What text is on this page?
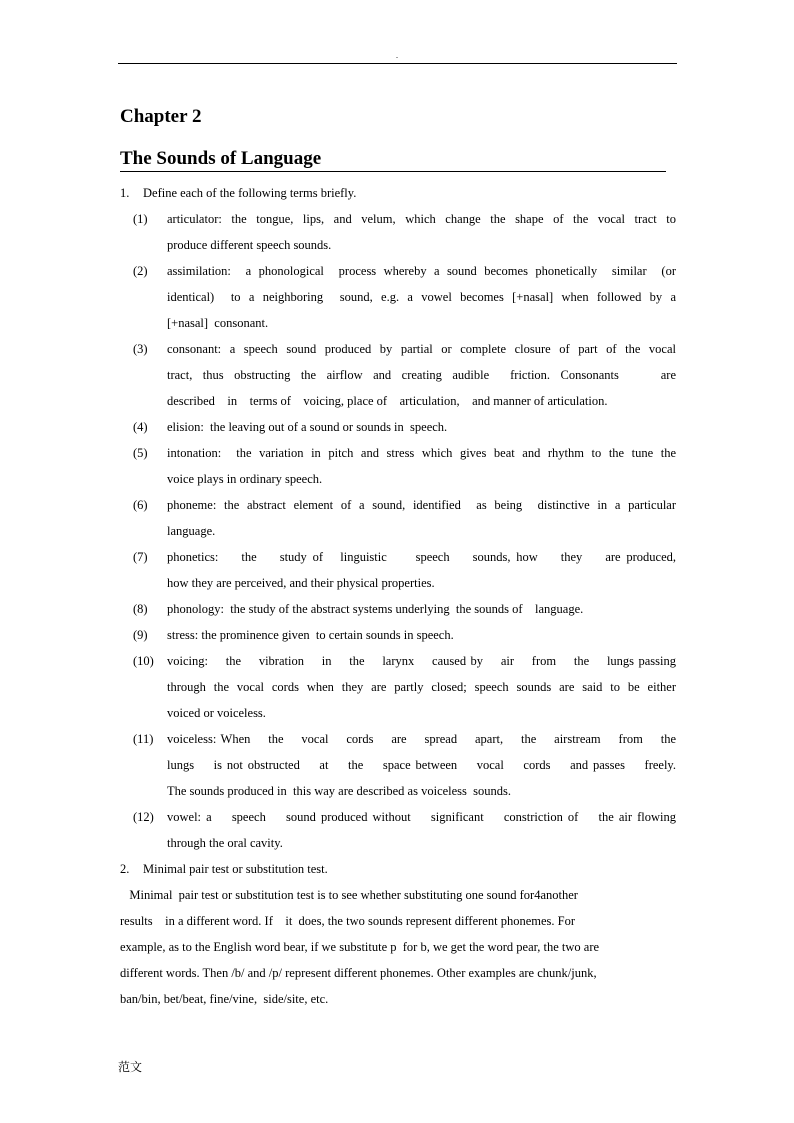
.
Chapter 2
The Sounds of Language
1. Define each of the following terms briefly.
(1)	articulator: the tongue, lips, and velum, which change the shape of the vocal tract to
produce different speech sounds.
(2)	assimilation:  a phonological  process whereby a sound becomes phonetically  similar  (or
identical)  to a neighboring  sound, e.g. a vowel becomes [+nasal] when followed by a
[+nasal]  consonant.
(3)	consonant: a speech sound produced by partial or complete closure of part of the vocal
tract, thus obstructing the airflow and creating audible  friction. Consonants    are
described    in    terms of    voicing, place of    articulation,    and manner of articulation.
(4)	elision:  the leaving out of a sound or sounds in  speech.
(5)	intonation:  the variation in pitch and stress which gives beat and rhythm to the tune the
voice plays in ordinary speech.
(6)	phoneme: the abstract element of a sound, identified  as being  distinctive in a particular
language.
(7)	phonetics:    the    study of   linguistic     speech    sounds, how    they    are produced,
how they are perceived, and their physical properties.
(8)	phonology:  the study of the abstract systems underlying  the sounds of    language.
(9)	stress: the prominence given  to certain sounds in speech.
(10) voicing:    the    vibration    in    the    larynx    caused by    air    from    the    lungs passing
through the vocal cords when they are partly closed; speech sounds are said to be either
voiced or voiceless.
(11) voiceless: When    the    vocal    cords    are    spread    apart,    the    airstream    from    the
lungs    is not obstructed    at    the    space between    vocal    cords    and passes    freely.
The sounds produced in  this way are described as voiceless  sounds.
(12) vowel: a    speech    sound produced without    significant    constriction of    the air flowing
through the oral cavity.
2. Minimal pair test or substitution test.
Minimal  pair test or substitution test is to see whether substituting one sound for4another
results    in a different word. If    it  does, the two sounds represent different phonemes. For
example, as to the English word bear, if we substitute p  for b, we get the word pear, the two are
different words. Then /b/ and /p/ represent different phonemes. Other examples are chunk/junk,
ban/bin, bet/beat, fine/vine,  side/site, etc.
范文
